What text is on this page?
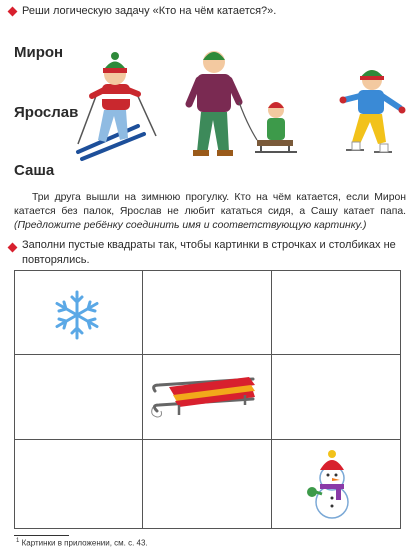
Реши логическую задачу «Кто на чём катается?».
Мирон
Ярослав
Саша
Три друга вышли на зимнюю прогулку. Кто на чём катается, если Мирон катается без палок, Ярослав не любит кататься сидя, а Сашу катает папа. (Предложите ребёнку соединить имя и соответствующую картинку.)
Заполни пустые квадраты так, чтобы картинки в строчках и столбиках не повторялись.
$^1$ Картинки в приложении, см. с. 43.
